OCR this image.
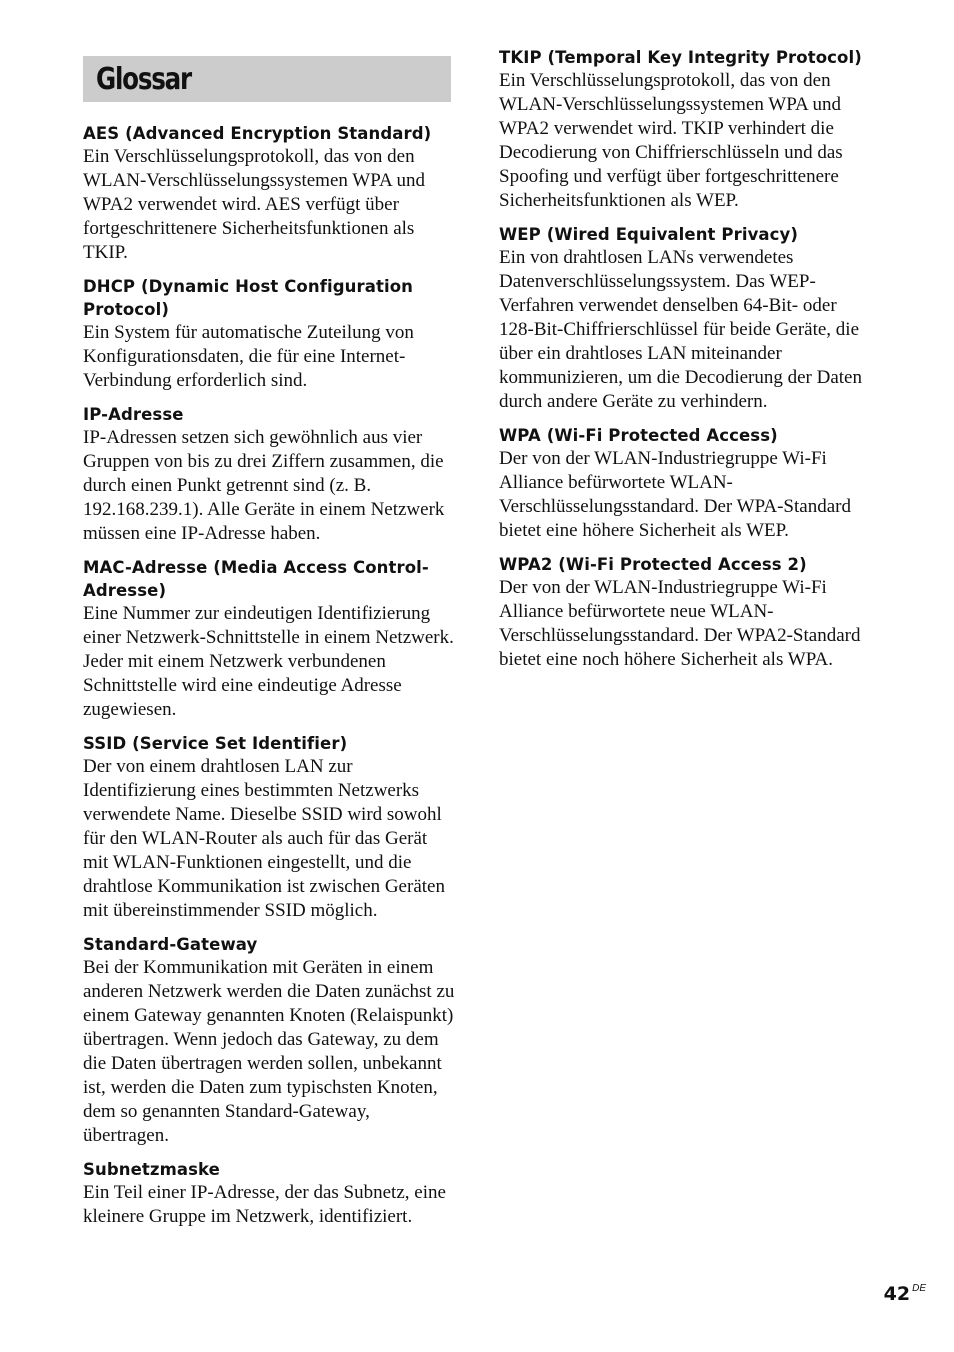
Glossar

AES (Advanced Encryption Standard)

Ein Verschlüsselungsprotokoll, das von den WLAN-Verschlüsselungssystemen WPA und WPA2 verwendet wird. AES verfügt über fortgeschrittenere Sicherheitsfunktionen als TKIP.

DHCP (Dynamic Host Configuration Protocol)

Ein System für automatische Zuteilung von Konfigurationsdaten, die für eine Internet-Verbindung erforderlich sind.

IP-Adresse

IP-Adressen setzen sich gewöhnlich aus vier Gruppen von bis zu drei Ziffern zusammen, die durch einen Punkt getrennt sind (z. B. 192.168.239.1). Alle Geräte in einem Netzwerk müssen eine IP-Adresse haben.

MAC-Adresse (Media Access Control-Adresse)

Eine Nummer zur eindeutigen Identifizierung einer Netzwerk-Schnittstelle in einem Netzwerk. Jeder mit einem Netzwerk verbundenen Schnittstelle wird eine eindeutige Adresse zugewiesen.

SSID (Service Set Identifier)

Der von einem drahtlosen LAN zur Identifizierung eines bestimmten Netzwerks verwendete Name. Dieselbe SSID wird sowohl für den WLAN-Router als auch für das Gerät mit WLAN-Funktionen eingestellt, und die drahtlose Kommunikation ist zwischen Geräten mit übereinstimmender SSID möglich.

Standard-Gateway

Bei der Kommunikation mit Geräten in einem anderen Netzwerk werden die Daten zunächst zu einem Gateway genannten Knoten (Relaispunkt) übertragen. Wenn jedoch das Gateway, zu dem die Daten übertragen werden sollen, unbekannt ist, werden die Daten zum typischsten Knoten, dem so genannten Standard-Gateway, übertragen.

Subnetzmaske

Ein Teil einer IP-Adresse, der das Subnetz, eine kleinere Gruppe im Netzwerk, identifiziert.

TKIP (Temporal Key Integrity Protocol)

Ein Verschlüsselungsprotokoll, das von den WLAN-Verschlüsselungssystemen WPA und WPA2 verwendet wird. TKIP verhindert die Decodierung von Chiffrierschlüsseln und das Spoofing und verfügt über fortgeschrittenere Sicherheitsfunktionen als WEP.

WEP (Wired Equivalent Privacy)

Ein von drahtlosen LANs verwendetes Datenverschlüsselungssystem. Das WEP-Verfahren verwendet denselben 64-Bit- oder 128-Bit-Chiffrierschlüssel für beide Geräte, die über ein drahtloses LAN miteinander kommunizieren, um die Decodierung der Daten durch andere Geräte zu verhindern.

WPA (Wi-Fi Protected Access)

Der von der WLAN-Industriegruppe Wi-Fi Alliance befürwortete WLAN-Verschlüsselungsstandard. Der WPA-Standard bietet eine höhere Sicherheit als WEP.

WPA2 (Wi-Fi Protected Access 2)

Der von der WLAN-Industriegruppe Wi-Fi Alliance befürwortete neue WLAN-Verschlüsselungsstandard. Der WPA2-Standard bietet eine noch höhere Sicherheit als WPA.

42 $^{DE}$
